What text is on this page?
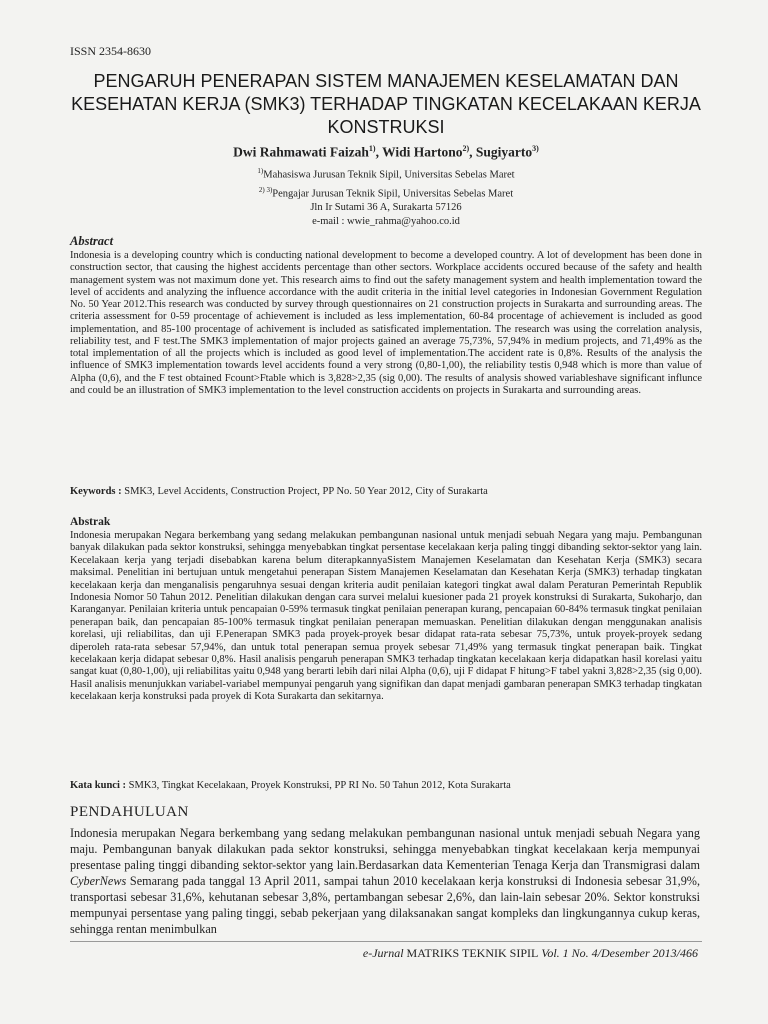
ISSN 2354-8630
PENGARUH PENERAPAN SISTEM MANAJEMEN KESELAMATAN DAN
KESEHATAN KERJA (SMK3) TERHADAP TINGKATAN KECELAKAAN KERJA
KONSTRUKSI
Dwi Rahmawati Faizah$^{1)}$, Widi Hartono$^{2)}$, Sugiyarto$^{3)}$
$^{1)}$Mahasiswa Jurusan Teknik Sipil, Universitas Sebelas Maret
$^{2) 3)}$Pengajar Jurusan Teknik Sipil, Universitas Sebelas Maret
Jln Ir Sutami 36 A, Surakarta 57126
e-mail : wwie_rahma@yahoo.co.id
Abstract

Indonesia is a developing country which is conducting national development to become a developed country. A lot of development has been done in construction sector, that causing the highest accidents percentage than other sectors. Workplace accidents occured because of the safety and health management system was not maximum done yet. This research aims to find out the safety management system and health implementation toward the level of accidents and analyzing the influence accordance with the audit criteria in the initial level categories in Indonesian Government Regulation No. 50 Year 2012.This research was conducted by survey through questionnaires on 21 construction projects in Surakarta and surrounding areas. The criteria assessment for 0-59 procentage of achievement is included as less implementation, 60-84 procentage of achievement is included as good implementation, and 85-100 procentage of achivement is included as satisficated implementation. The research was using the correlation analysis, reliability test, and F test.The SMK3 implementation of major projects gained an average 75,73%, 57,94% in medium projects, and 71,49% as the total implementation of all the projects which is included as good level of implementation.The accident rate is 0,8%. Results of the analysis the influence of SMK3 implementation towards level accidents found a very strong (0,80-1,00), the reliability testis 0,948 which is more than value of Alpha (0,6), and the F test obtained Fcount>Ftable which is 3,828>2,35 (sig 0,00). The results of analysis showed variableshave significant influnce and could be an illustration of SMK3 implementation to the level construction accidents on projects in Surakarta and surrounding areas.

Keywords : SMK3, Level Accidents, Construction Project, PP No. 50 Year 2012, City of Surakarta
Abstrak

Indonesia merupakan Negara berkembang yang sedang melakukan pembangunan nasional untuk menjadi sebuah Negara yang maju. Pembangunan banyak dilakukan pada sektor konstruksi, sehingga menyebabkan tingkat persentase kecelakaan kerja paling tinggi dibanding sektor-sektor yang lain. Kecelakaan kerja yang terjadi disebabkan karena belum diterapkannyaSistem Manajemen Keselamatan dan Kesehatan Kerja (SMK3) secara maksimal. Penelitian ini bertujuan untuk mengetahui penerapan Sistem Manajemen Keselamatan dan Kesehatan Kerja (SMK3) terhadap tingkatan kecelakaan kerja dan menganalisis pengaruhnya sesuai dengan kriteria audit penilaian kategori tingkat awal dalam Peraturan Pemerintah Republik Indonesia Nomor 50 Tahun 2012. Penelitian dilakukan dengan cara survei melalui kuesioner pada 21 proyek konstruksi di Surakarta, Sukoharjo, dan Karanganyar. Penilaian kriteria untuk pencapaian 0-59% termasuk tingkat penilaian penerapan kurang, pencapaian 60-84% termasuk tingkat penilaian penerapan baik, dan pencapaian 85-100% termasuk tingkat penilaian penerapan memuaskan. Penelitian dilakukan dengan menggunakan analisis korelasi, uji reliabilitas, dan uji F.Penerapan SMK3 pada proyek-proyek besar didapat rata-rata sebesar 75,73%, untuk proyek-proyek sedang diperoleh rata-rata sebesar 57,94%, dan untuk total penerapan semua proyek sebesar 71,49% yang termasuk tingkat penerapan baik. Tingkat kecelakaan kerja didapat sebesar 0,8%. Hasil analisis pengaruh penerapan SMK3 terhadap tingkatan kecelakaan kerja didapatkan hasil korelasi yaitu sangat kuat (0,80-1,00), uji reliabilitas yaitu 0,948 yang berarti lebih dari nilai Alpha (0,6), uji F didapat F hitung>F tabel yakni 3,828>2,35 (sig 0,00). Hasil analisis menunjukkan variabel-variabel mempunyai pengaruh yang signifikan dan dapat menjadi gambaran penerapan SMK3 terhadap tingkatan kecelakaan kerja konstruksi pada proyek di Kota Surakarta dan sekitarnya.

Kata kunci : SMK3, Tingkat Kecelakaan, Proyek Konstruksi, PP RI No. 50 Tahun 2012, Kota Surakarta
PENDAHULUAN

Indonesia merupakan Negara berkembang yang sedang melakukan pembangunan nasional untuk menjadi sebuah Negara yang maju. Pembangunan banyak dilakukan pada sektor konstruksi, sehingga menyebabkan tingkat kecelakaan kerja mempunyai presentase paling tinggi dibanding sektor-sektor yang lain.Berdasarkan data Kementerian Tenaga Kerja dan Transmigrasi dalam CyberNews Semarang pada tanggal 13 April 2011, sampai tahun 2010 kecelakaan kerja konstruksi di Indonesia sebesar 31,9%, transportasi sebesar 31,6%, kehutanan sebesar 3,8%, pertambangan sebesar 2,6%, dan lain-lain sebesar 20%. Sektor konstruksi mempunyai persentase yang paling tinggi, sebab pekerjaan yang dilaksanakan sangat kompleks dan lingkungannya cukup keras, sehingga rentan menimbulkan

e-Jurnal MATRIKS TEKNIK SIPIL Vol. 1 No. 4/Desember 2013/466
